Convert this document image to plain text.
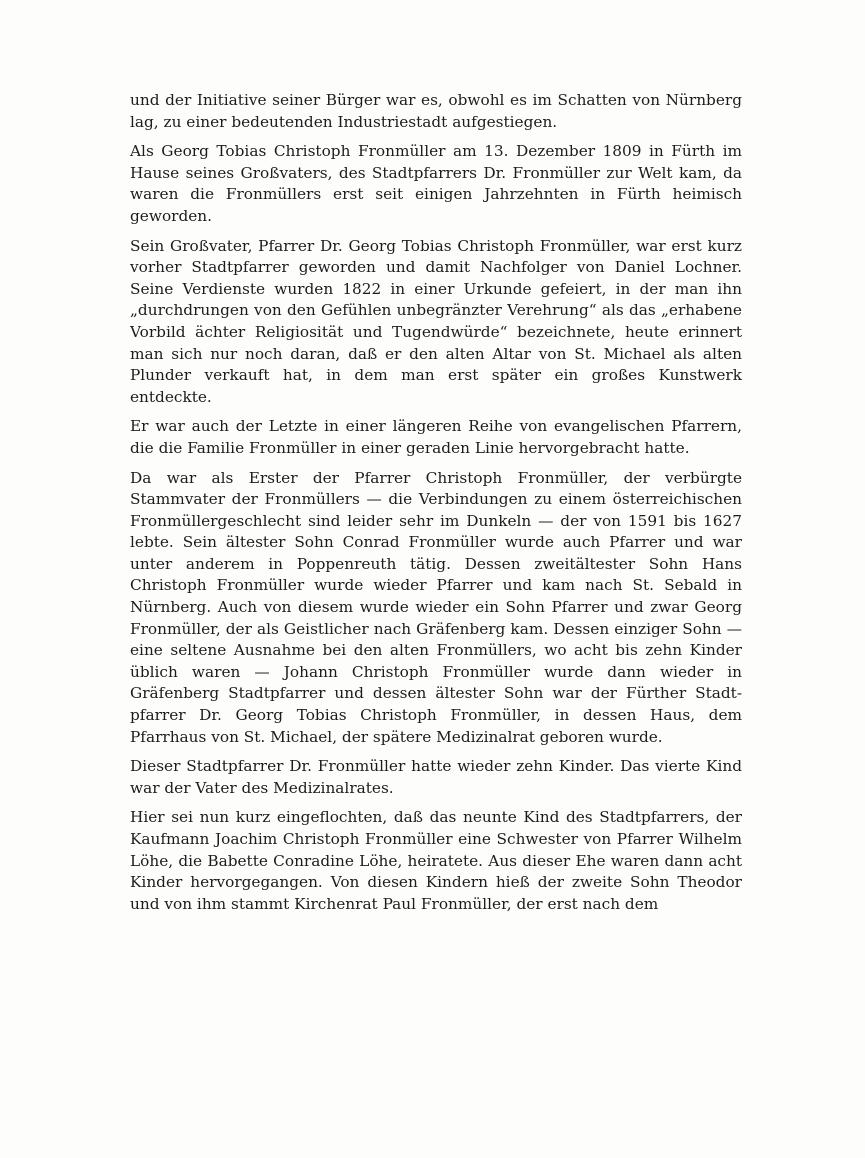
und der Initiative seiner Bürger war es, obwohl es im Schatten von Nürnberg lag, zu einer bedeutenden Industriestadt aufgestiegen.

Als Georg Tobias Christoph Fronmüller am 13. Dezember 1809 in Fürth im Hause seines Großvaters, des Stadtpfarrers Dr. Fronmüller zur Welt kam, da waren die Fronmüllers erst seit einigen Jahrzehnten in Fürth heimisch geworden.

Sein Großvater, Pfarrer Dr. Georg Tobias Christoph Fronmüller, war erst kurz vorher Stadtpfarrer geworden und damit Nachfolger von Daniel Lochner. Seine Verdienste wurden 1822 in einer Urkunde gefeiert, in der man ihn „durchdrungen von den Gefühlen unbegränzter Verehrung“ als das „erhabene Vorbild ächter Religiosität und Tugendwürde“ bezeichnete, heute erinnert man sich nur noch daran, daß er den alten Altar von St. Michael als alten Plunder verkauft hat, in dem man erst später ein großes Kunstwerk entdeckte.

Er war auch der Letzte in einer längeren Reihe von evangelischen Pfarrern, die die Familie Fronmüller in einer geraden Linie hervorgebracht hatte.

Da war als Erster der Pfarrer Christoph Fronmüller, der verbürgte Stammvater der Fronmüllers — die Verbindungen zu einem österreichischen Fronmüllergeschlecht sind leider sehr im Dunkeln — der von 1591 bis 1627 lebte. Sein ältester Sohn Conrad Fronmüller wurde auch Pfarrer und war unter anderem in Poppenreuth tätig. Dessen zweitältester Sohn Hans Christoph Fronmüller wurde wieder Pfarrer und kam nach St. Sebald in Nürnberg. Auch von diesem wurde wieder ein Sohn Pfarrer und zwar Georg Fronmüller, der als Geistlicher nach Gräfenberg kam. Dessen einziger Sohn — eine seltene Ausnahme bei den alten Fronmüllers, wo acht bis zehn Kinder üblich waren — Johann Christoph Fronmüller wurde dann wieder in Gräfenberg Stadtpfarrer und dessen ältester Sohn war der Fürther Stadtpfarrer Dr. Georg Tobias Christoph Fronmüller, in dessen Haus, dem Pfarrhaus von St. Michael, der spätere Medizinalrat geboren wurde.

Dieser Stadtpfarrer Dr. Fronmüller hatte wieder zehn Kinder. Das vierte Kind war der Vater des Medizinalrates.

Hier sei nun kurz eingeflochten, daß das neunte Kind des Stadtpfarrers, der Kaufmann Joachim Christoph Fronmüller eine Schwester von Pfarrer Wilhelm Löhe, die Babette Conradine Löhe, heiratete. Aus dieser Ehe waren dann acht Kinder hervorgegangen. Von diesen Kindern hieß der zweite Sohn Theodor und von ihm stammt Kirchenrat Paul Fronmüller, der erst nach dem
